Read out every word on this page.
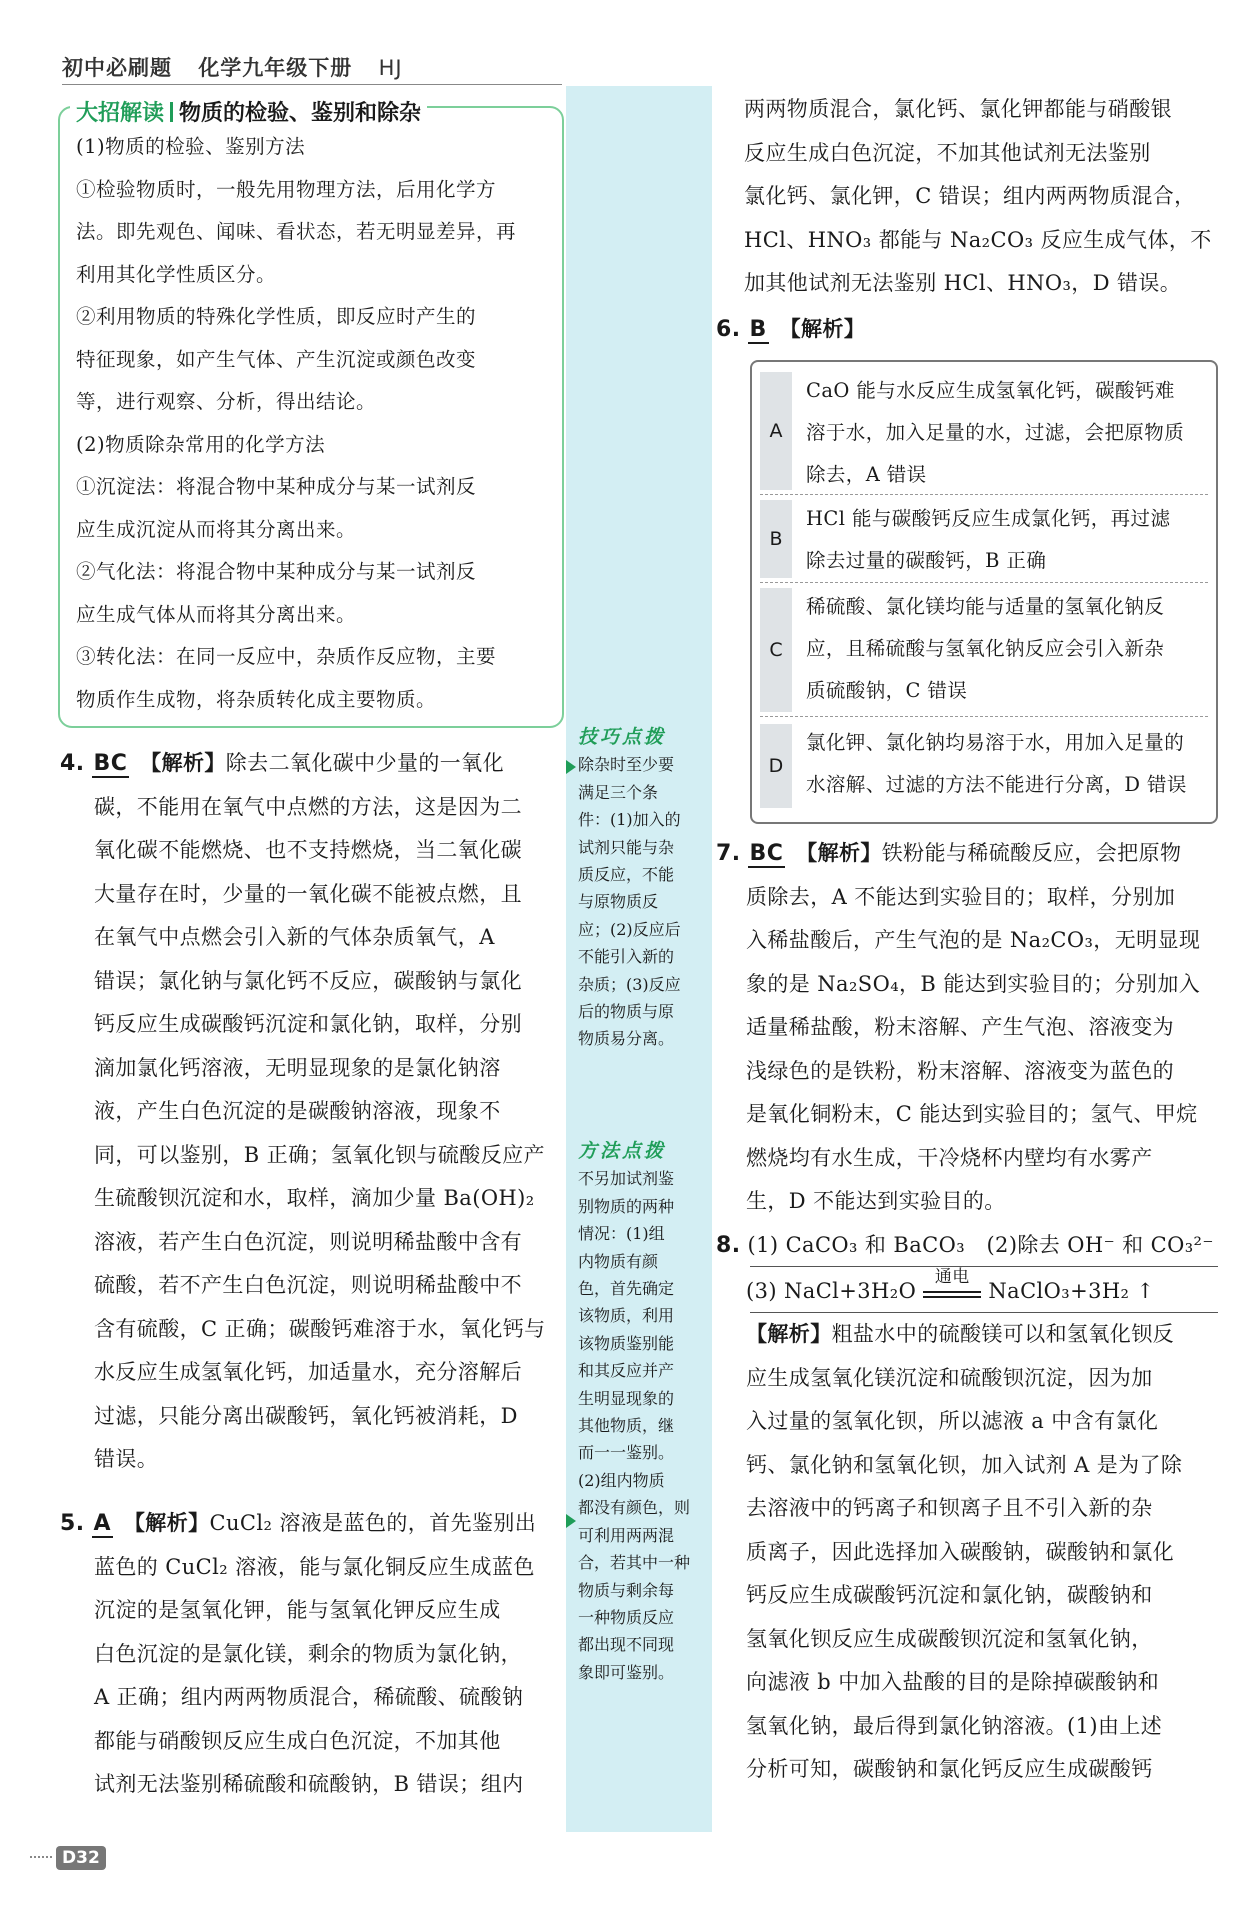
初中必刷题 化学九年级下册 HJ
大招解读 物质的检验、鉴别和除杂

(1)物质的检验、鉴别方法

①检验物质时，一般先用物理方法，后用化学方

法。即先观色、闻味、看状态，若无明显差异，再

利用其化学性质区分。

②利用物质的特殊化学性质，即反应时产生的

特征现象，如产生气体、产生沉淀或颜色改变

等，进行观察、分析，得出结论。

(2)物质除杂常用的化学方法

①沉淀法：将混合物中某种成分与某一试剂反

应生成沉淀从而将其分离出来。

②气化法：将混合物中某种成分与某一试剂反

应生成气体从而将其分离出来。

③转化法：在同一反应中，杂质作反应物，主要

物质作生成物，将杂质转化成主要物质。

技巧点拨
除杂时至少要
满足三个条
件：(1)加入的
试剂只能与杂
质反应，不能
与原物质反
应；(2)反应后
不能引入新的
杂质；(3)反应
后的物质与原
物质易分离。
方法点拨
不另加试剂鉴
别物质的两种
情况：(1)组
内物质有颜
色，首先确定
该物质，利用
该物质鉴别能
和其反应并产
生明显现象的
其他物质，继
而一一鉴别。
(2)组内物质
都没有颜色，则
可利用两两混
合，若其中一种
物质与剩余每
一种物质反应
都出现不同现
象即可鉴别。

4. BC　 【解析】除去二氧化碳中少量的一氧化

碳，不能用在氧气中点燃的方法，这是因为二

氧化碳不能燃烧、也不支持燃烧，当二氧化碳

大量存在时，少量的一氧化碳不能被点燃，且

在氧气中点燃会引入新的气体杂质氧气，A

错误；氯化钠与氯化钙不反应，碳酸钠与氯化

钙反应生成碳酸钙沉淀和氯化钠，取样，分别

滴加氯化钙溶液，无明显现象的是氯化钠溶

液，产生白色沉淀的是碳酸钠溶液，现象不

同，可以鉴别，B 正确；氢氧化钡与硫酸反应产

生硫酸钡沉淀和水，取样，滴加少量 Ba(OH)₂

溶液，若产生白色沉淀，则说明稀盐酸中含有

硫酸，若不产生白色沉淀，则说明稀盐酸中不

含有硫酸，C 正确；碳酸钙难溶于水，氧化钙与

水反应生成氢氧化钙，加适量水，充分溶解后

过滤，只能分离出碳酸钙，氧化钙被消耗，D

错误。

5. A　 【解析】CuCl₂ 溶液是蓝色的，首先鉴别出

蓝色的 CuCl₂ 溶液，能与氯化铜反应生成蓝色

沉淀的是氢氧化钾，能与氢氧化钾反应生成

白色沉淀的是氯化镁，剩余的物质为氯化钠，

A 正确；组内两两物质混合，稀硫酸、硫酸钠

都能与硝酸钡反应生成白色沉淀，不加其他

试剂无法鉴别稀硫酸和硫酸钠，B 错误；组内

两两物质混合，氯化钙、氯化钾都能与硝酸银

反应生成白色沉淀，不加其他试剂无法鉴别

氯化钙、氯化钾，C 错误；组内两两物质混合，

HCl、HNO₃ 都能与 Na₂CO₃ 反应生成气体，不

加其他试剂无法鉴别 HCl、HNO₃，D 错误。

6. B　 【解析】

A
CaO 能与水反应生成氢氧化钙，碳酸钙难
溶于水，加入足量的水，过滤，会把原物质
除去，A 错误
B
HCl 能与碳酸钙反应生成氯化钙，再过滤
除去过量的碳酸钙，B 正确
C
稀硫酸、氯化镁均能与适量的氢氧化钠反
应，且稀硫酸与氢氧化钠反应会引入新杂
质硫酸钠，C 错误
D
氯化钾、氯化钠均易溶于水，用加入足量的
水溶解、过滤的方法不能进行分离，D 错误

7. BC　 【解析】铁粉能与稀硫酸反应，会把原物

质除去，A 不能达到实验目的；取样，分别加

入稀盐酸后，产生气泡的是 Na₂CO₃，无明显现

象的是 Na₂SO₄，B 能达到实验目的；分别加入

适量稀盐酸，粉末溶解、产生气泡、溶液变为

浅绿色的是铁粉，粉末溶解、溶液变为蓝色的

是氧化铜粉末，C 能达到实验目的；氢气、甲烷

燃烧均有水生成，干冷烧杯内壁均有水雾产

生，D 不能达到实验目的。

8. (1) CaCO₃ 和 BaCO₃　(2)除去 OH⁻ 和 CO₃²⁻

(3) NaCl+3H₂O
通电
NaClO₃+3H₂ ↑

【解析】粗盐水中的硫酸镁可以和氢氧化钡反

应生成氢氧化镁沉淀和硫酸钡沉淀，因为加

入过量的氢氧化钡，所以滤液 a 中含有氯化

钙、氯化钠和氢氧化钡，加入试剂 A 是为了除

去溶液中的钙离子和钡离子且不引入新的杂

质离子，因此选择加入碳酸钠，碳酸钠和氯化

钙反应生成碳酸钙沉淀和氯化钠，碳酸钠和

氢氧化钡反应生成碳酸钡沉淀和氢氧化钠，

向滤液 b 中加入盐酸的目的是除掉碳酸钠和

氢氧化钠，最后得到氯化钠溶液。(1)由上述

分析可知，碳酸钠和氯化钙反应生成碳酸钙

D32
